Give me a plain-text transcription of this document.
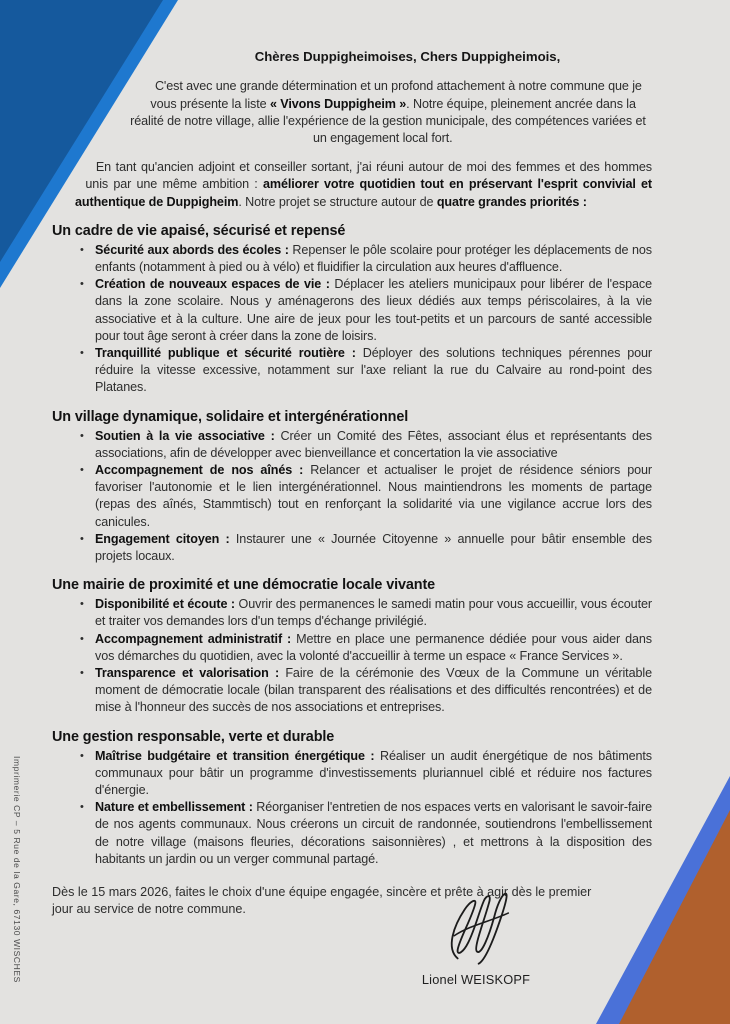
Chères Duppigheimoises, Chers Duppigheimois,

C'est avec une grande détermination et un profond attachement à notre commune que je vous présente la liste « Vivons Duppigheim ». Notre équipe, pleinement ancrée dans la réalité de notre village, allie l'expérience de la gestion municipale, des compétences variées et un engagement local fort.

En tant qu'ancien adjoint et conseiller sortant, j'ai réuni autour de moi des femmes et des hommes unis par une même ambition : améliorer votre quotidien tout en préservant l'esprit convivial et authentique de Duppigheim. Notre projet se structure autour de quatre grandes priorités :

Un cadre de vie apaisé, sécurisé et repensé
• Sécurité aux abords des écoles : Repenser le pôle scolaire pour protéger les déplacements de nos enfants (notamment à pied ou à vélo) et fluidifier la circulation aux heures d'affluence.
• Création de nouveaux espaces de vie : Déplacer les ateliers municipaux pour libérer de l'espace dans la zone scolaire. Nous y aménagerons des lieux dédiés aux temps périscolaires, à la vie associative et à la culture. Une aire de jeux pour les tout-petits et un parcours de santé accessible pour tout âge seront à créer dans la zone de loisirs.
• Tranquillité publique et sécurité routière : Déployer des solutions techniques pérennes pour réduire la vitesse excessive, notamment sur l'axe reliant la rue du Calvaire au rond-point des Platanes.
Un village dynamique, solidaire et intergénérationnel
• Soutien à la vie associative : Créer un Comité des Fêtes, associant élus et représentants des associations, afin de développer avec bienveillance et concertation la vie associative
• Accompagnement de nos aînés : Relancer et actualiser le projet de résidence séniors pour favoriser l'autonomie et le lien intergénérationnel. Nous maintiendrons les moments de partage (repas des aînés, Stammtisch) tout en renforçant la solidarité via une vigilance accrue lors des canicules.
• Engagement citoyen : Instaurer une « Journée Citoyenne » annuelle pour bâtir ensemble des projets locaux.
Une mairie de proximité et une démocratie locale vivante
• Disponibilité et écoute : Ouvrir des permanences le samedi matin pour vous accueillir, vous écouter et traiter vos demandes lors d'un temps d'échange privilégié.
• Accompagnement administratif : Mettre en place une permanence dédiée pour vous aider dans vos démarches du quotidien, avec la volonté d'accueillir à terme un espace « France Services ».
• Transparence et valorisation : Faire de la cérémonie des Vœux de la Commune un véritable moment de démocratie locale (bilan transparent des réalisations et des difficultés rencontrées) et de mise à l'honneur des succès de nos associations et entreprises.
Une gestion responsable, verte et durable
• Maîtrise budgétaire et transition énergétique : Réaliser un audit énergétique de nos bâtiments communaux pour bâtir un programme d'investissements pluriannuel ciblé et réduire nos factures d'énergie.
• Nature et embellissement : Réorganiser l'entretien de nos espaces verts en valorisant le savoir-faire de nos agents communaux. Nous créerons un circuit de randonnée, soutiendrons l'embellissement de notre village (maisons fleuries, décorations saisonnières) , et mettrons à la disposition des habitants un jardin ou un verger communal partagé.

Dès le 15 mars 2026, faites le choix d'une équipe engagée, sincère et prête à agir dès le premier jour au service de notre commune.

Lionel WEISKOPF
Imprimerie CP – 5 Rue de la Gare, 67130 WISCHES
